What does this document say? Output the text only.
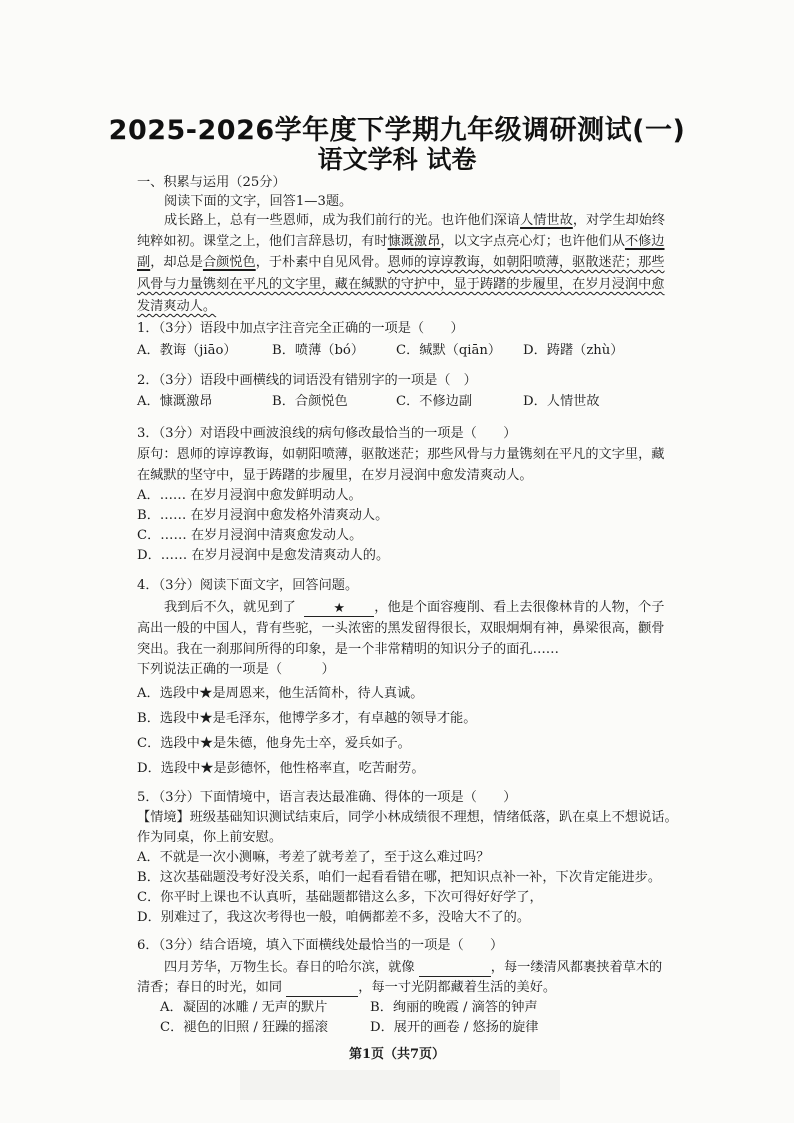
2025-2026学年度下学期九年级调研测试(一)
语文学科 试卷
一、积累与运用（25分）
阅读下面的文字，回答1—3题。
成长路上，总有一些恩师，成为我们前行的光。也许他们深谙人情世故，对学生却始终
纯粹如初。课堂之上，他们言辞恳切，有时慷溉激昂，以文字点亮心灯；也许他们从不修边
副，却总是合颜悦色，于朴素中自见风骨。恩师的谆谆教诲，如朝阳喷薄，驱散迷茫；那些
风骨与力量镌刻在平凡的文字里，藏在缄默的守护中，显于踌躇的步履里，在岁月浸润中愈
发清爽动人。
1．（3分）语段中加点字注音完全正确的一项是（　　）
A．教诲（jiāo）	B．喷薄（bó） C．缄默（qiān） D．踌躇（zhù）
2．（3分）语段中画横线的词语没有错别字的一项是（　）
A．慷溉激昂	B．合颜悦色	C．不修边副	D．人情世故
3．（3分）对语段中画波浪线的病句修改最恰当的一项是（　　）
原句：恩师的谆谆教诲，如朝阳喷薄，驱散迷茫；那些风骨与力量镌刻在平凡的文字里，藏
在缄默的坚守中，显于踌躇的步履里，在岁月浸润中愈发清爽动人。
A．…… 在岁月浸润中愈发鲜明动人。
B．…… 在岁月浸润中愈发格外清爽动人。
C．…… 在岁月浸润中清爽愈发动人。
D．…… 在岁月浸润中是愈发清爽动人的。
4．（3分）阅读下面文字，回答问题。
我到后不久，就见到了	★ ，他是个面容瘦削、看上去很像林肯的人物，个子
高出一般的中国人，背有些驼，一头浓密的黑发留得很长，双眼炯炯有神，鼻梁很高，颧骨
突出。我在一刹那间所得的印象，是一个非常精明的知识分子的面孔……
下列说法正确的一项是（　　　）
A．选段中★是周恩来，他生活简朴，待人真诚。
B．选段中★是毛泽东，他博学多才，有卓越的领导才能。
C．选段中★是朱德，他身先士卒，爱兵如子。
D．选段中★是彭德怀，他性格率直，吃苦耐劳。
5．（3分）下面情境中，语言表达最准确、得体的一项是（　　）
【情境】班级基础知识测试结束后，同学小林成绩很不理想，情绪低落，趴在桌上不想说话。
作为同桌，你上前安慰。
A．不就是一次小测嘛，考差了就考差了，至于这么难过吗？
B．这次基础题没考好没关系，咱们一起看看错在哪，把知识点补一补，下次肯定能进步。
C．你平时上课也不认真听，基础题都错这么多，下次可得好好学了，
D．别难过了，我这次考得也一般，咱俩都差不多，没啥大不了的。
6．（3分）结合语境，填入下面横线处最恰当的一项是（　　）
四月芳华，万物生长。春日的哈尔滨，就像	，每一缕清风都裹挟着草木的
清香；春日的时光，如同	，每一寸光阴都藏着生活的美好。
A．凝固的冰雕 / 无声的默片	B．绚丽的晚霞 / 滴答的钟声
C．褪色的旧照 / 狂躁的摇滚	D．展开的画卷 / 悠扬的旋律
第1页（共7页）
